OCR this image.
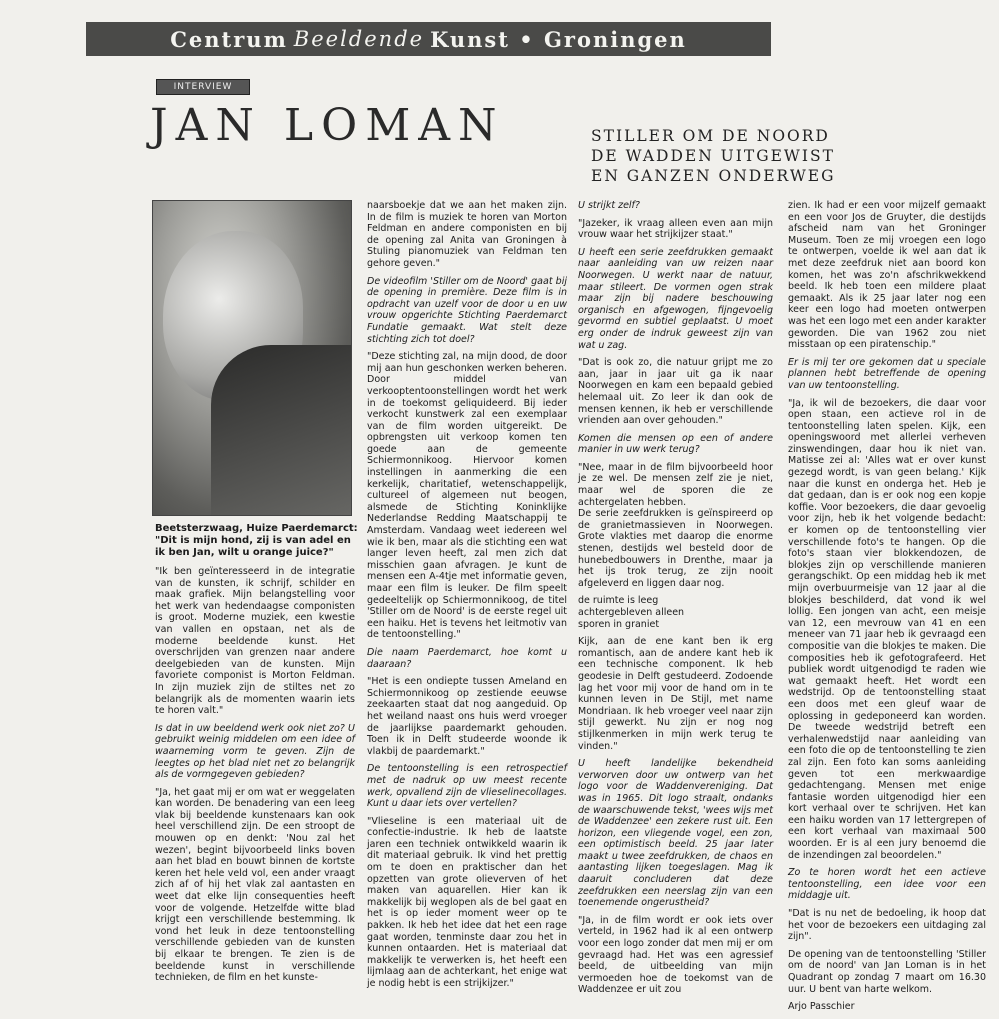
Centrum Beeldende Kunst • Groningen
INTERVIEW
JAN LOMAN	STILLER OM DE NOORD
DE WADDEN UITGEWIST
EN GANZEN ONDERWEG
Beetsterzwaag, Huize Paerdemarct: "Dit is mijn hond, zij is van adel en ik ben Jan, wilt u orange juice?"

"Ik ben geïnteresseerd in de integratie van de kunsten, ik schrijf, schilder en maak grafiek. Mijn belangstelling voor het werk van hedendaagse componisten is groot. Moderne muziek, een kwestie van vallen en opstaan, net als de moderne beeldende kunst. Het overschrijden van grenzen naar andere deelgebieden van de kunsten. Mijn favoriete componist is Morton Feldman. In zijn muziek zijn de stiltes net zo belangrijk als de momenten waarin iets te horen valt."

Is dat in uw beeldend werk ook niet zo? U gebruikt weinig middelen om een idee of waarneming vorm te geven. Zijn de leegtes op het blad niet net zo belangrijk als de vormgegeven gebieden?

"Ja, het gaat mij er om wat er weggelaten kan worden. De benadering van een leeg vlak bij beeldende kunstenaars kan ook heel verschillend zijn. De een stroopt de mouwen op en denkt: 'Nou zal het wezen', begint bijvoorbeeld links boven aan het blad en bouwt binnen de kortste keren het hele veld vol, een ander vraagt zich af of hij het vlak zal aantasten en weet dat elke lijn consequenties heeft voor de volgende. Hetzelfde witte blad krijgt een verschillende bestemming. Ik vond het leuk in deze tentoonstelling verschillende gebieden van de kunsten bij elkaar te brengen. Te zien is de beeldende kunst in verschillende technieken, de film en het kunste-

naarsboekje dat we aan het maken zijn. In de film is muziek te horen van Morton Feldman en andere componisten en bij de opening zal Anita van Groningen à Stuling pianomuziek van Feldman ten gehore geven."

De videofilm 'Stiller om de Noord' gaat bij de opening in première. Deze film is in opdracht van uzelf voor de door u en uw vrouw opgerichte Stichting Paerdemarct Fundatie gemaakt. Wat stelt deze stichting zich tot doel?

"Deze stichting zal, na mijn dood, de door mij aan hun geschonken werken beheren. Door middel van verkooptentoonstellingen wordt het werk in de toekomst geliquideerd. Bij ieder verkocht kunstwerk zal een exemplaar van de film worden uitgereikt. De opbrengsten uit verkoop komen ten goede aan de gemeente Schiermonnikoog. Hiervoor komen instellingen in aanmerking die een kerkelijk, charitatief, wetenschappelijk, cultureel of algemeen nut beogen, alsmede de Stichting Koninklijke Nederlandse Redding Maatschappij te Amsterdam. Vandaag weet iedereen wel wie ik ben, maar als die stichting een wat langer leven heeft, zal men zich dat misschien gaan afvragen. Je kunt de mensen een A-4tje met informatie geven, maar een film is leuker. De film speelt gedeeltelijk op Schiermonnikoog, de titel 'Stiller om de Noord' is de eerste regel uit een haiku. Het is tevens het leitmotiv van de tentoonstelling."

Die naam Paerdemarct, hoe komt u daaraan?

"Het is een ondiepte tussen Ameland en Schiermonnikoog op zestiende eeuwse zeekaarten staat dat nog aangeduid. Op het weiland naast ons huis werd vroeger de jaarlijkse paardemarkt gehouden. Toen ik in Delft studeerde woonde ik vlakbij de paardemarkt."

De tentoonstelling is een retrospectief met de nadruk op uw meest recente werk, opvallend zijn de vlieselinecollages. Kunt u daar iets over vertellen?

"Vlieseline is een materiaal uit de confectie-industrie. Ik heb de laatste jaren een techniek ontwikkeld waarin ik dit materiaal gebruik. Ik vind het prettig om te doen en praktischer dan het opzetten van grote olieverven of het maken van aquarellen. Hier kan ik makkelijk bij weglopen als de bel gaat en het is op ieder moment weer op te pakken. Ik heb het idee dat het een rage gaat worden, tenminste daar zou het in kunnen ontaarden. Het is materiaal dat makkelijk te verwerken is, het heeft een lijmlaag aan de achterkant, het enige wat je nodig hebt is een strijkijzer."

U strijkt zelf?

"Jazeker, ik vraag alleen even aan mijn vrouw waar het strijkijzer staat."

U heeft een serie zeefdrukken gemaakt naar aanleiding van uw reizen naar Noorwegen. U werkt naar de natuur, maar stileert. De vormen ogen strak maar zijn bij nadere beschouwing organisch en afgewogen, fijngevoelig gevormd en subtiel geplaatst. U moet erg onder de indruk geweest zijn van wat u zag.

"Dat is ook zo, die natuur grijpt me zo aan, jaar in jaar uit ga ik naar Noorwegen en kam een bepaald gebied helemaal uit. Zo leer ik dan ook de mensen kennen, ik heb er verschillende vrienden aan over gehouden."

Komen die mensen op een of andere manier in uw werk terug?

"Nee, maar in de film bijvoorbeeld hoor je ze wel. De mensen zelf zie je niet, maar wel de sporen die ze achtergelaten hebben.
De serie zeefdrukken is geïnspireerd op de granietmassieven in Noorwegen. Grote vlakties met daarop die enorme stenen, destijds wel besteld door de hunebedbouwers in Drenthe, maar ja het ijs trok terug, ze zijn nooit afgeleverd en liggen daar nog.

de ruimte is leeg
achtergebleven alleen
sporen in graniet

Kijk, aan de ene kant ben ik erg romantisch, aan de andere kant heb ik een technische component. Ik heb geodesie in Delft gestudeerd. Zodoende lag het voor mij voor de hand om in te kunnen leven in De Stijl, met name Mondriaan. Ik heb vroeger veel naar zijn stijl gewerkt. Nu zijn er nog nog stijlkenmerken in mijn werk terug te vinden."

U heeft landelijke bekendheid verworven door uw ontwerp van het logo voor de Waddenvereniging. Dat was in 1965. Dit logo straalt, ondanks de waarschuwende tekst, 'wees wijs met de Waddenzee' een zekere rust uit. Een horizon, een vliegende vogel, een zon, een optimistisch beeld. 25 jaar later maakt u twee zeefdrukken, de chaos en aantasting lijken toegeslagen. Mag ik daaruit concluderen dat deze zeefdrukken een neerslag zijn van een toenemende ongerustheid?

"Ja, in de film wordt er ook iets over verteld, in 1962 had ik al een ontwerp voor een logo zonder dat men mij er om gevraagd had. Het was een agressief beeld, de uitbeelding van mijn vermoeden hoe de toekomst van de Waddenzee er uit zou

zien. Ik had er een voor mijzelf gemaakt en een voor Jos de Gruyter, die destijds afscheid nam van het Groninger Museum. Toen ze mij vroegen een logo te ontwerpen, voelde ik wel aan dat ik met deze zeefdruk niet aan boord kon komen, het was zo'n afschrikwekkend beeld. Ik heb toen een mildere plaat gemaakt. Als ik 25 jaar later nog een keer een logo had moeten ontwerpen was het een logo met een ander karakter geworden. Die van 1962 zou niet misstaan op een piratenschip."

Er is mij ter ore gekomen dat u speciale plannen hebt betreffende de opening van uw tentoonstelling.

"Ja, ik wil de bezoekers, die daar voor open staan, een actieve rol in de tentoonstelling laten spelen. Kijk, een openingswoord met allerlei verheven zinswendingen, daar hou ik niet van. Matisse zei al: 'Alles wat er over kunst gezegd wordt, is van geen belang.' Kijk naar die kunst en onderga het. Heb je dat gedaan, dan is er ook nog een kopje koffie. Voor bezoekers, die daar gevoelig voor zijn, heb ik het volgende bedacht: er komen op de tentoonstelling vier verschillende foto's te hangen. Op die foto's staan vier blokkendozen, de blokjes zijn op verschillende manieren gerangschikt. Op een middag heb ik met mijn overbuurmeisje van 12 jaar al die blokjes beschilderd, dat vond ik wel lollig. Een jongen van acht, een meisje van 12, een mevrouw van 41 en een meneer van 71 jaar heb ik gevraagd een compositie van die blokjes te maken. Die composities heb ik gefotografeerd. Het publiek wordt uitgenodigd te raden wie wat gemaakt heeft. Het wordt een wedstrijd. Op de tentoonstelling staat een doos met een gleuf waar de oplossing in gedeponeerd kan worden. De tweede wedstrijd betreft een verhalenwedstijd naar aanleiding van een foto die op de tentoonstelling te zien zal zijn. Een foto kan soms aanleiding geven tot een merkwaardige gedachtengang. Mensen met enige fantasie worden uitgenodigd hier een kort verhaal over te schrijven. Het kan een haiku worden van 17 lettergrepen of een kort verhaal van maximaal 500 woorden. Er is al een jury benoemd die de inzendingen zal beoordelen."

Zo te horen wordt het een actieve tentoonstelling, een idee voor een middagje uit.

"Dat is nu net de bedoeling, ik hoop dat het voor de bezoekers een uitdaging zal zijn".

De opening van de tentoonstelling 'Stiller om de noord' van Jan Loman is in het Quadrant op zondag 7 maart om 16.30 uur. U bent van harte welkom.

Arjo Passchier
